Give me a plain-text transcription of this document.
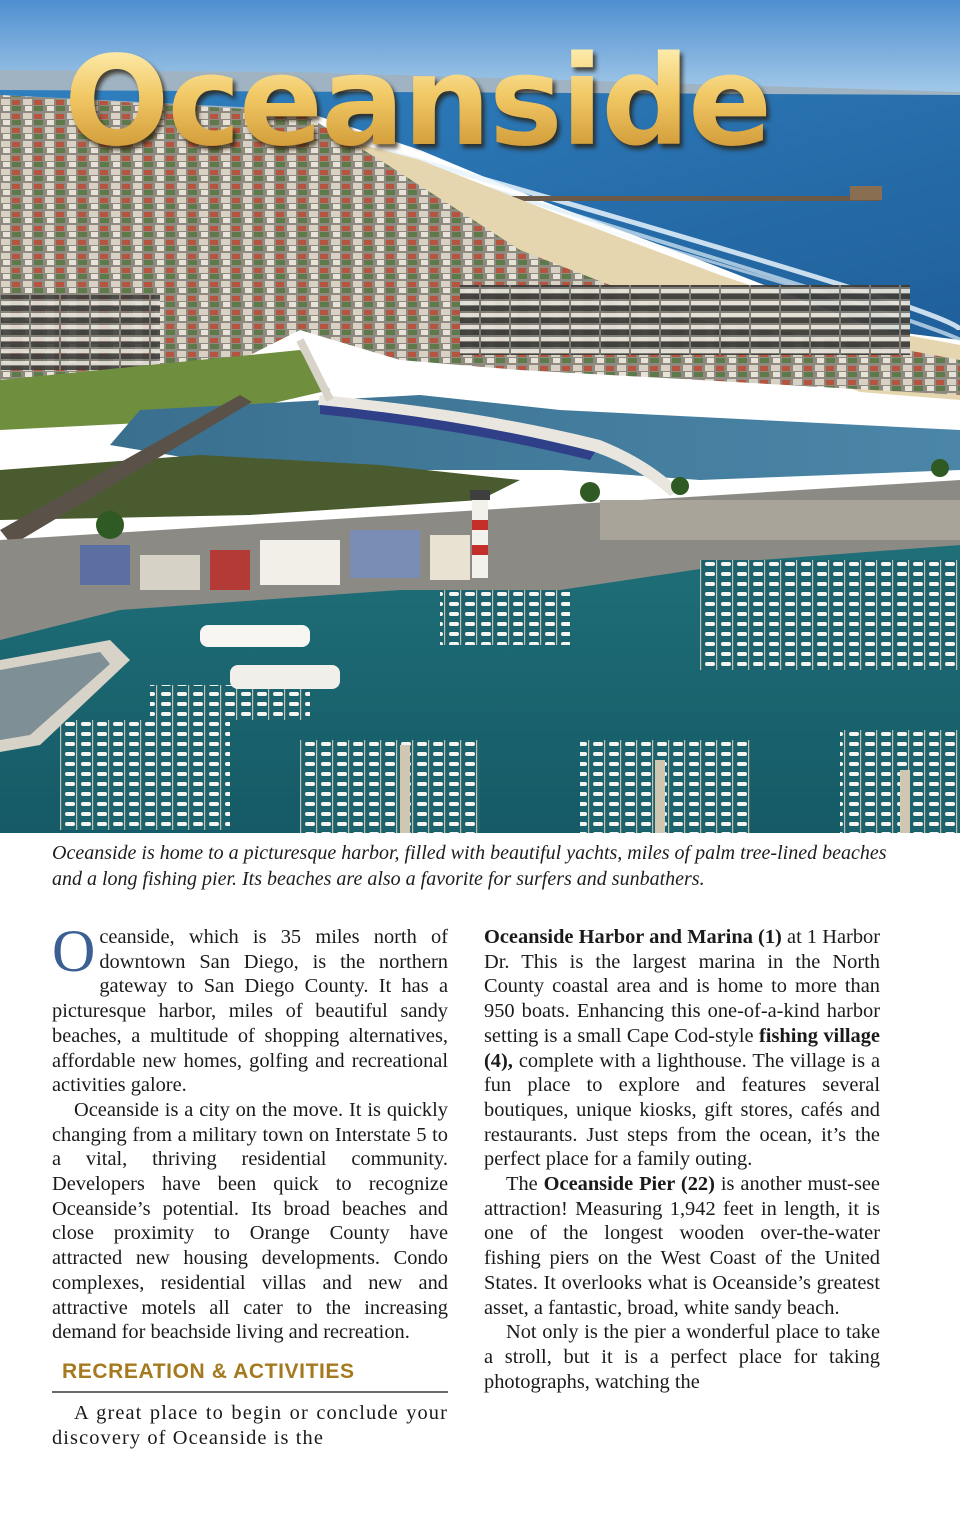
Oceanside
Oceanside is home to a picturesque harbor, filled with beautiful yachts, miles of palm tree-lined beaches and a long fishing pier. Its beaches are also a favorite for surfers and sunbathers.

Oceanside, which is 35 miles north of downtown San Diego, is the northern gateway to San Diego County. It has a picturesque harbor, miles of beautiful sandy beaches, a multitude of shopping alternatives, affordable new homes, golfing and recreational activities galore.

Oceanside is a city on the move. It is quickly changing from a military town on Interstate 5 to a vital, thriving residential community. Developers have been quick to recognize Oceanside’s potential. Its broad beaches and close proximity to Orange County have attracted new housing developments. Condo complexes, residential villas and new and attractive motels all cater to the increasing demand for beachside living and recreation.

RECREATION & ACTIVITIES

A great place to begin or conclude your discovery of Oceanside is the

Oceanside Harbor and Marina (1) at 1 Harbor Dr. This is the largest marina in the North County coastal area and is home to more than 950 boats. Enhancing this one-of-a-kind harbor setting is a small Cape Cod-style fishing village (4), complete with a lighthouse. The village is a fun place to explore and features several boutiques, unique kiosks, gift stores, cafés and restaurants. Just steps from the ocean, it’s the perfect place for a family outing.

The Oceanside Pier (22) is another must-see attraction! Measuring 1,942 feet in length, it is one of the longest wooden over-the-water fishing piers on the West Coast of the United States. It overlooks what is Oceanside’s greatest asset, a fantastic, broad, white sandy beach.

Not only is the pier a wonderful place to take a stroll, but it is a perfect place for taking photographs, watching the
